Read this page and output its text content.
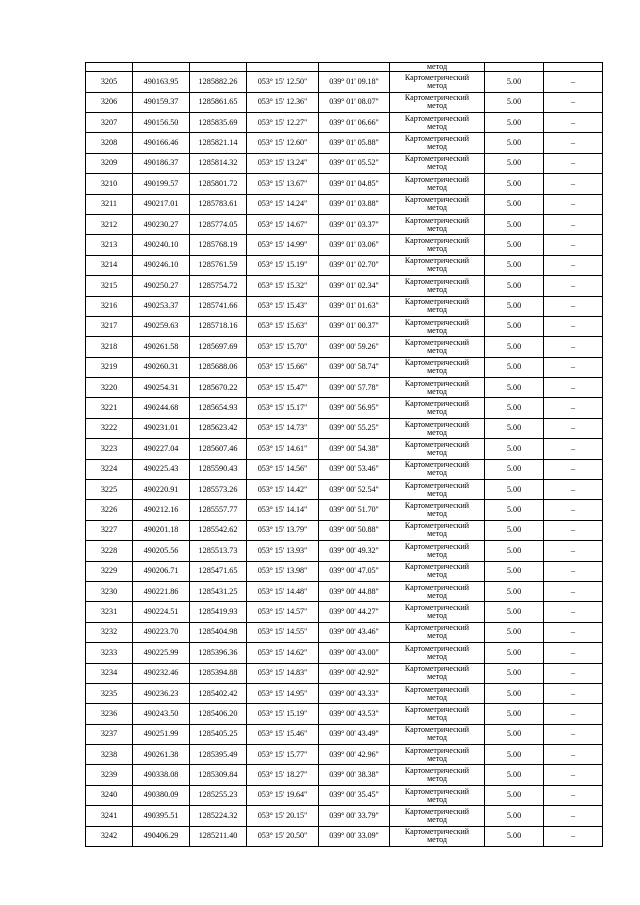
					метод		
3205	490163.95	1285882.26	053° 15' 12.50"	039° 01' 09.18"	Картометрический
метод	5.00	–
3206	490159.37	1285861.65	053° 15' 12.36"	039° 01' 08.07"	Картометрический
метод	5.00	–
3207	490156.50	1285835.69	053° 15' 12.27"	039° 01' 06.66"	Картометрический
метод	5.00	–
3208	490166.46	1285821.14	053° 15' 12.60"	039° 01' 05.88"	Картометрический
метод	5.00	–
3209	490186.37	1285814.32	053° 15' 13.24"	039° 01' 05.52"	Картометрический
метод	5.00	–
3210	490199.57	1285801.72	053° 15' 13.67"	039° 01' 04.85"	Картометрический
метод	5.00	–
3211	490217.01	1285783.61	053° 15' 14.24"	039° 01' 03.88"	Картометрический
метод	5.00	–
3212	490230.27	1285774.05	053° 15' 14.67"	039° 01' 03.37"	Картометрический
метод	5.00	–
3213	490240.10	1285768.19	053° 15' 14.99"	039° 01' 03.06"	Картометрический
метод	5.00	–
3214	490246.10	1285761.59	053° 15' 15.19"	039° 01' 02.70"	Картометрический
метод	5.00	–
3215	490250.27	1285754.72	053° 15' 15.32"	039° 01' 02.34"	Картометрический
метод	5.00	–
3216	490253.37	1285741.66	053° 15' 15.43"	039° 01' 01.63"	Картометрический
метод	5.00	–
3217	490259.63	1285718.16	053° 15' 15.63"	039° 01' 00.37"	Картометрический
метод	5.00	–
3218	490261.58	1285697.69	053° 15' 15.70"	039° 00' 59.26"	Картометрический
метод	5.00	–
3219	490260.31	1285688.06	053° 15' 15.66"	039° 00' 58.74"	Картометрический
метод	5.00	–
3220	490254.31	1285670.22	053° 15' 15.47"	039° 00' 57.78"	Картометрический
метод	5.00	–
3221	490244.68	1285654.93	053° 15' 15.17"	039° 00' 56.95"	Картометрический
метод	5.00	–
3222	490231.01	1285623.42	053° 15' 14.73"	039° 00' 55.25"	Картометрический
метод	5.00	–
3223	490227.04	1285607.46	053° 15' 14.61"	039° 00' 54.38"	Картометрический
метод	5.00	–
3224	490225.43	1285590.43	053° 15' 14.56"	039° 00' 53.46"	Картометрический
метод	5.00	–
3225	490220.91	1285573.26	053° 15' 14.42"	039° 00' 52.54"	Картометрический
метод	5.00	–
3226	490212.16	1285557.77	053° 15' 14.14"	039° 00' 51.70"	Картометрический
метод	5.00	–
3227	490201.18	1285542.62	053° 15' 13.79"	039° 00' 50.88"	Картометрический
метод	5.00	–
3228	490205.56	1285513.73	053° 15' 13.93"	039° 00' 49.32"	Картометрический
метод	5.00	–
3229	490206.71	1285471.65	053° 15' 13.98"	039° 00' 47.05"	Картометрический
метод	5.00	–
3230	490221.86	1285431.25	053° 15' 14.48"	039° 00' 44.88"	Картометрический
метод	5.00	–
3231	490224.51	1285419.93	053° 15' 14.57"	039° 00' 44.27"	Картометрический
метод	5.00	–
3232	490223.70	1285404.98	053° 15' 14.55"	039° 00' 43.46"	Картометрический
метод	5.00	–
3233	490225.99	1285396.36	053° 15' 14.62"	039° 00' 43.00"	Картометрический
метод	5.00	–
3234	490232.46	1285394.88	053° 15' 14.83"	039° 00' 42.92"	Картометрический
метод	5.00	–
3235	490236.23	1285402.42	053° 15' 14.95"	039° 00' 43.33"	Картометрический
метод	5.00	–
3236	490243.50	1285406.20	053° 15' 15.19"	039° 00' 43.53"	Картометрический
метод	5.00	–
3237	490251.99	1285405.25	053° 15' 15.46"	039° 00' 43.49"	Картометрический
метод	5.00	–
3238	490261.38	1285395.49	053° 15' 15.77"	039° 00' 42.96"	Картометрический
метод	5.00	–
3239	490338.08	1285309.84	053° 15' 18.27"	039° 00' 38.38"	Картометрический
метод	5.00	–
3240	490380.09	1285255.23	053° 15' 19.64"	039° 00' 35.45"	Картометрический
метод	5.00	–
3241	490395.51	1285224.32	053° 15' 20.15"	039° 00' 33.79"	Картометрический
метод	5.00	–
3242	490406.29	1285211.40	053° 15' 20.50"	039° 00' 33.09"	Картометрический
метод	5.00	–
